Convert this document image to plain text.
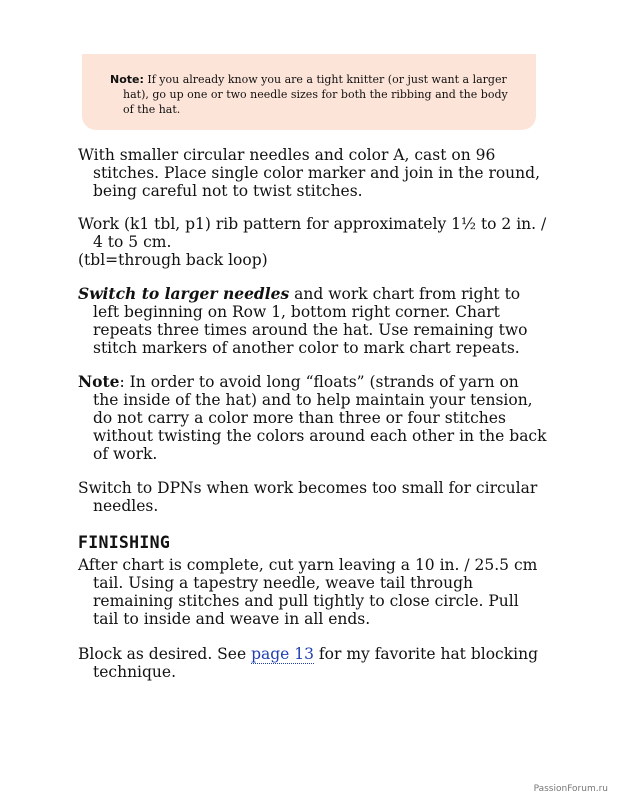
Note: If you already know you are a tight knitter (or just want a larger hat), go up one or two needle sizes for both the ribbing and the body of the hat.

With smaller circular needles and color A, cast on 96 stitches. Place single color marker and join in the round, being careful not to twist stitches.

Work (k1 tbl, p1) rib pattern for approximately 1½ to 2 in. / 4 to 5 cm.

(tbl=through back loop)

Switch to larger needles and work chart from right to left beginning on Row 1, bottom right corner. Chart repeats three times around the hat. Use remaining two stitch markers of another color to mark chart repeats.

Note: In order to avoid long “floats” (strands of yarn on the inside of the hat) and to help maintain your tension, do not carry a color more than three or four stitches without twisting the colors around each other in the back of work.

Switch to DPNs when work becomes too small for circular needles.

FINISHING

After chart is complete, cut yarn leaving a 10 in. / 25.5 cm tail. Using a tapestry needle, weave tail through remaining stitches and pull tightly to close circle. Pull tail to inside and weave in all ends.

Block as desired. See page 13 for my favorite hat blocking technique.

PassionForum.ru
